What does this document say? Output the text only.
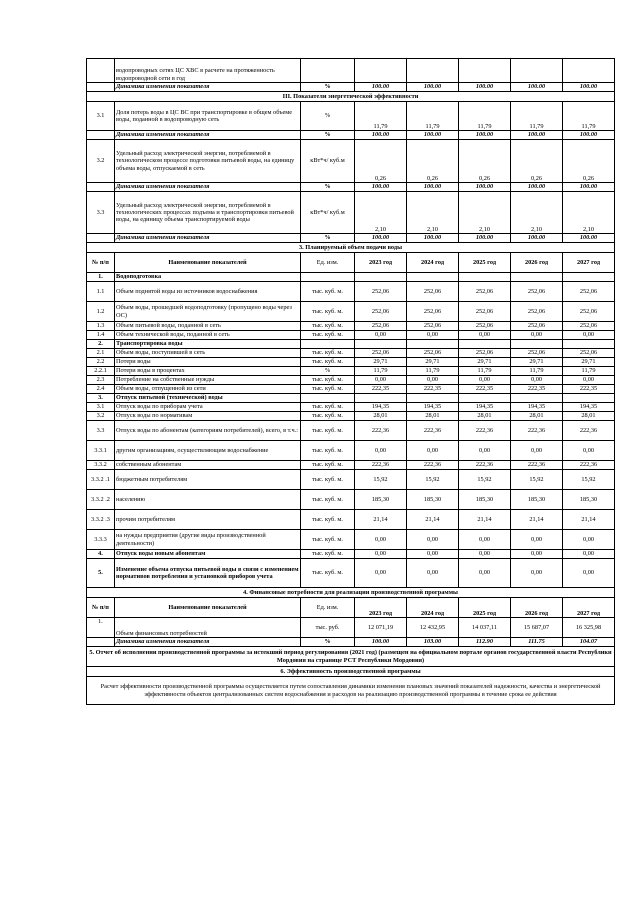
	водопроводных сетях ЦС ХВС в расчете на протяженность водопроводной сети в год						
	Динамика изменения показателя	%	100.00	100.00	100.00	100.00	100.00
III. Показатели энергетической эффективности							
3.1	Доля потерь воды в ЦС ВС при транспортировке в общем объеме воды, поданной в водопроводную сеть	%	11,79	11,79	11,79	11,79	11,79
	Динамика изменения показателя	%	100.00	100.00	100.00	100.00	100.00
3.2	Удельный расход электрической энергии, потребляемой в технологическом процессе подготовки питьевой воды, на единицу объема воды, отпускаемой в сеть	кВт*ч/ куб.м	0,26	0,26	0,26	0,26	0,26
	Динамика изменения показателя	%	100.00	100.00	100.00	100.00	100.00
3.3	Удельный расход электрической энергии, потребляемой в технологических процессах подъема и транспортировки питьевой воды, на единицу объема транспортируемой воды	кВт*ч/ куб.м	2,10	2,10	2,10	2,10	2,10
	Динамика изменения показателя	%	100.00	100.00	100.00	100.00	100.00
3. Планируемый объем подачи воды							
№ п/п	Наименование показателей	Ед. изм.	2023 год	2024 год	2025 год	2026 год	2027 год
1.	Водоподготовка						
1.1	Объем поднятой воды из источников водоснабжения	тыс. куб. м.	252,06	252,06	252,06	252,06	252,06
1.2	Объем воды, прошедшей водоподготовку (пропущено воды через ОС)	тыс. куб. м.	252,06	252,06	252,06	252,06	252,06
1.3	Объем питьевой воды, поданной в сеть	тыс. куб. м.	252,06	252,06	252,06	252,06	252,06
1.4	Объем технической воды, поданной в сеть	тыс. куб. м.	0,00	0,00	0,00	0,00	0,00
2.	Транспортировка воды						
2.1	Объем воды, поступившей в сеть	тыс. куб. м.	252,06	252,06	252,06	252,06	252,06
2.2	Потери воды	тыс. куб. м.	29,71	29,71	29,71	29,71	29,71
2.2.1	Потери воды в процентах	%	11,79	11,79	11,79	11,79	11,79
2.3	Потребление на собственные нужды	тыс. куб. м.	0,00	0,00	0,00	0,00	0,00
2.4	Объем воды, отпущенной из сети	тыс. куб. м.	222,35	222,35	222,35	222,35	222,35
3.	Отпуск питьевой (технической) воды						
3.1	Отпуск воды по приборам учета	тыс. куб. м.	194,35	194,35	194,35	194,35	194,35
3.2	Отпуск воды по нормативам	тыс. куб. м.	28,01	28,01	28,01	28,01	28,01
3.3	Отпуск воды по абонентам (категориям потребителей), всего, в т.ч.:	тыс. куб. м.	222,36	222,36	222,36	222,36	222,36
3.3.1	другим организациям, осуществляющим водоснабжение	тыс. куб. м.	0,00	0,00	0,00	0,00	0,00
3.3.2	собственным абонентам	тыс. куб. м.	222,36	222,36	222,36	222,36	222,36
3.3.2 .1	бюджетным потребителям	тыс. куб. м.	15,92	15,92	15,92	15,92	15,92
3.3.2 .2	населению	тыс. куб. м.	185,30	185,30	185,30	185,30	185,30
3.3.2 .3	прочим потребителям	тыс. куб. м.	21,14	21,14	21,14	21,14	21,14
3.3.3	на нужды предприятия (другие виды производственной деятельности)	тыс. куб. м.	0,00	0,00	0,00	0,00	0,00
4.	Отпуск воды новым абонентам	тыс. куб. м.	0,00	0,00	0,00	0,00	0,00
5.	Изменение объема отпуска питьевой воды в связи с изменением нормативов потребления и установкой приборов учета	тыс. куб. м.	0,00	0,00	0,00	0,00	0,00
4. Финансовые потребности для реализации производственной программы							
№ п/п	Наименование показателей	Ед. изм.	2023 год	2024 год	2025 год	2026 год	2027 год
1.	Объем финансовых потребностей	тыс. руб.	12 071,19	12 432,95	14 037,11	15 687,07	16 325,98
	Динамика изменения показателя	%	100.00	103.00	112.90	111.75	104.07
5. Отчет об исполнении производственной программы за истекший период регулирования (2021 год) (размещен на официальном портале органов государственной власти Республики Мордовия на странице РСТ Республики Мордовия)							
6. Эффективность производственной программы							
Расчет эффективности производственной программы осуществляется путем сопоставления динамики изменения плановых значений показателей надежности, качества и энергетической эффективности объектов централизованных систем водоснабжения и расходов на реализацию производственной программы в течение срока ее действия							
